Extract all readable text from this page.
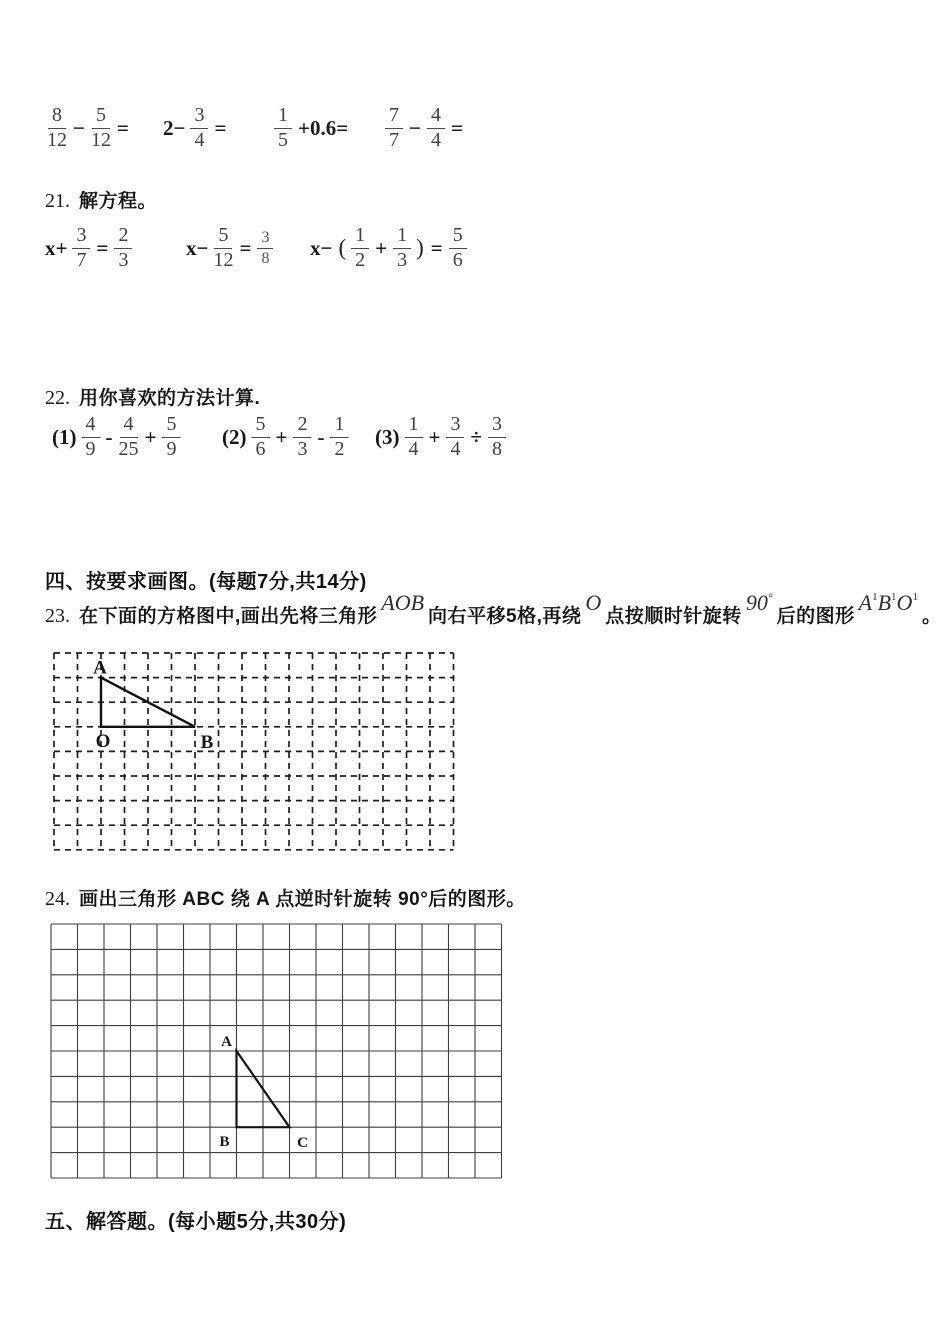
$\frac{8}{12} - \frac{5}{12} = 2- \frac{3}{4} = \frac{1}{5} +0.6= \frac{7}{7} - \frac{4}{4}$ =
21. 解方程。
$x+ \frac{3}{7} = \frac{2}{3}$	$x- \frac{5}{12} = \frac{3}{8} x-$ ( $\frac{1}{2} + \frac{1}{3}$ ) = $\frac{5}{6}$
22. 用你喜欢的方法计算.
$(1) \frac{4}{9} - \frac{4}{25} + \frac{5}{9} (2) \frac{5}{6} + \frac{2}{3} - \frac{1}{2} (3) \frac{1}{4} + \frac{3}{4} \div \frac{3}{8}$
四、按要求画图。(每题7分,共14分)
23. 在下面的方格图中,画出先将三角形AOB向右平移5格,再绕O点按顺时针旋转90°后的图形$A^1B^1O^1$。
A
O	B
24. 画出三角形 ABC 绕 A 点逆时针旋转 90°后的图形。
A
B	C
五、解答题。(每小题5分,共30分)
